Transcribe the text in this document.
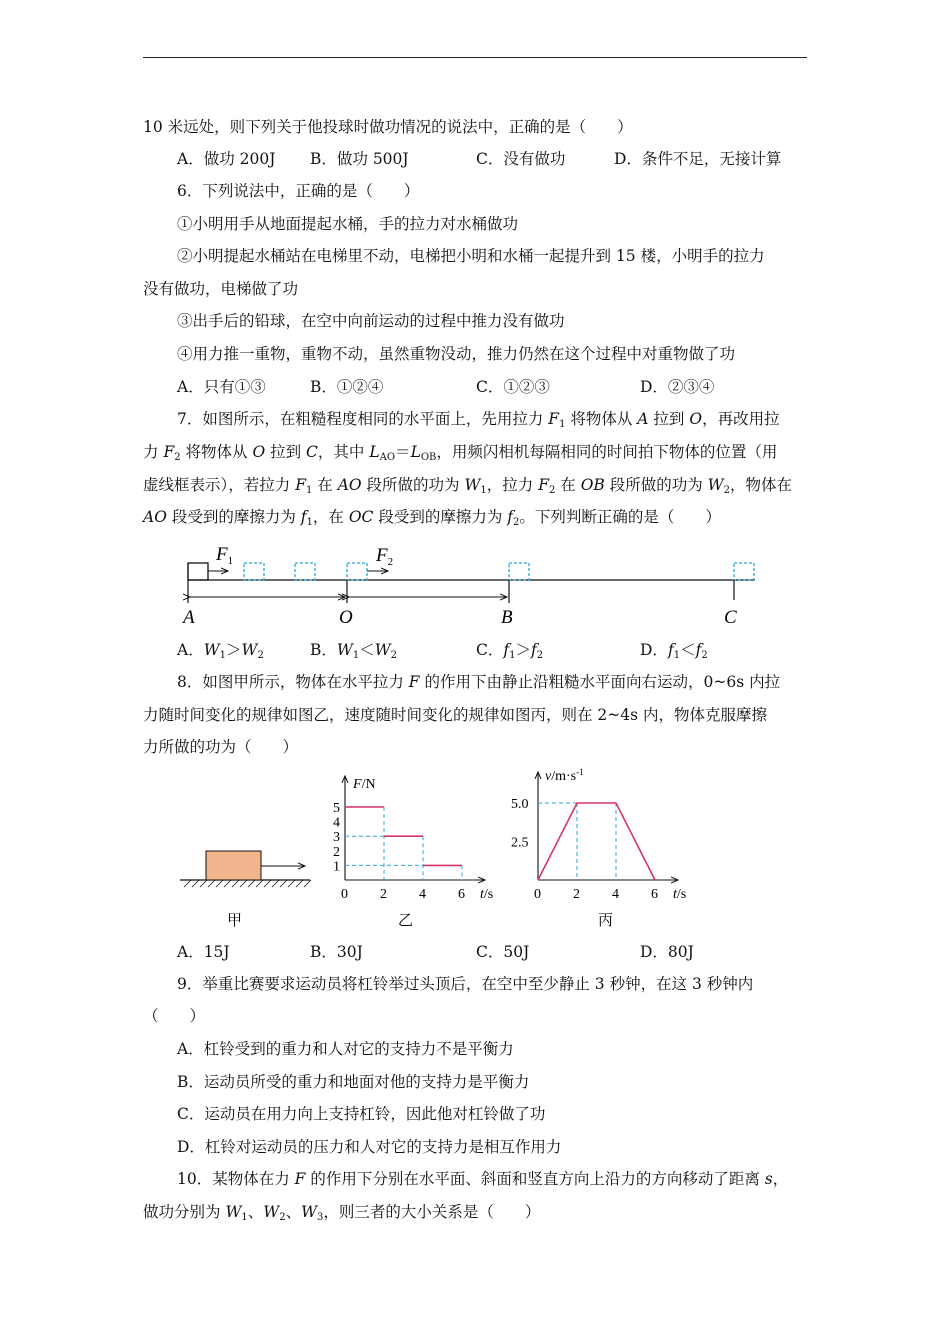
10 米远处，则下列关于他投球时做功情况的说法中，正确的是（　　）
A．做功 200J B．做功 500J	C．没有做功	D．条件不足，无接计算
6．下列说法中，正确的是（　　）
①小明用手从地面提起水桶，手的拉力对水桶做功
②小明提起水桶站在电梯里不动，电梯把小明和水桶一起提升到 15 楼，小明手的拉力
没有做功，电梯做了功
③出手后的铅球，在空中向前运动的过程中推力没有做功
④用力推一重物，重物不动，虽然重物没动，推力仍然在这个过程中对重物做了功
A．只有①③	B．①②④	C．①②③	D．②③④
7．如图所示，在粗糙程度相同的水平面上，先用拉力 $F_1$ 将物体从 A 拉到 O，再改用拉
力 $F_2$ 将物体从 O 拉到 C，其中 $L_{AO}=L_{OB}$，用频闪相机每隔相同的时间拍下物体的位置（用
虚线框表示），若拉力 $F_1$ 在 AO 段所做的功为 $W_1$，拉力 $F_2$ 在 OB 段所做的功为 $W_2$，物体在
AO 段受到的摩擦力为 $f_1$，在 OC 段受到的摩擦力为 $f_2$。下列判断正确的是（　　）
$F_1$	$F_2$
A	O	B	C
A．$W_1>W_2$	B．$W_1<W_2$	C．$f_1>f_2$	D．$f_1<f_2$
8．如图甲所示，物体在水平拉力 F 的作用下由静止沿粗糙水平面向右运动，0~6s 内拉
力随时间变化的规律如图乙，速度随时间变化的规律如图丙，则在 2~4s 内，物体克服摩擦
力所做的功为（　　）
甲
F/N
t/s
1
2
3
4
5
0 2 4 6
乙
$v/m\cdot s^{-1}$
t/s
2.5
5.0
0 2 4 6
丙
A．15J	B．30J	C．50J	D．80J
9．举重比赛要求运动员将杠铃举过头顶后，在空中至少静止 3 秒钟，在这 3 秒钟内
（　　）
A．杠铃受到的重力和人对它的支持力不是平衡力
B．运动员所受的重力和地面对他的支持力是平衡力
C．运动员在用力向上支持杠铃，因此他对杠铃做了功
D．杠铃对运动员的压力和人对它的支持力是相互作用力
10．某物体在力 F 的作用下分别在水平面、斜面和竖直方向上沿力的方向移动了距离 s，
做功分别为 $W_1$、$W_2$、$W_3$，则三者的大小关系是（　　）
